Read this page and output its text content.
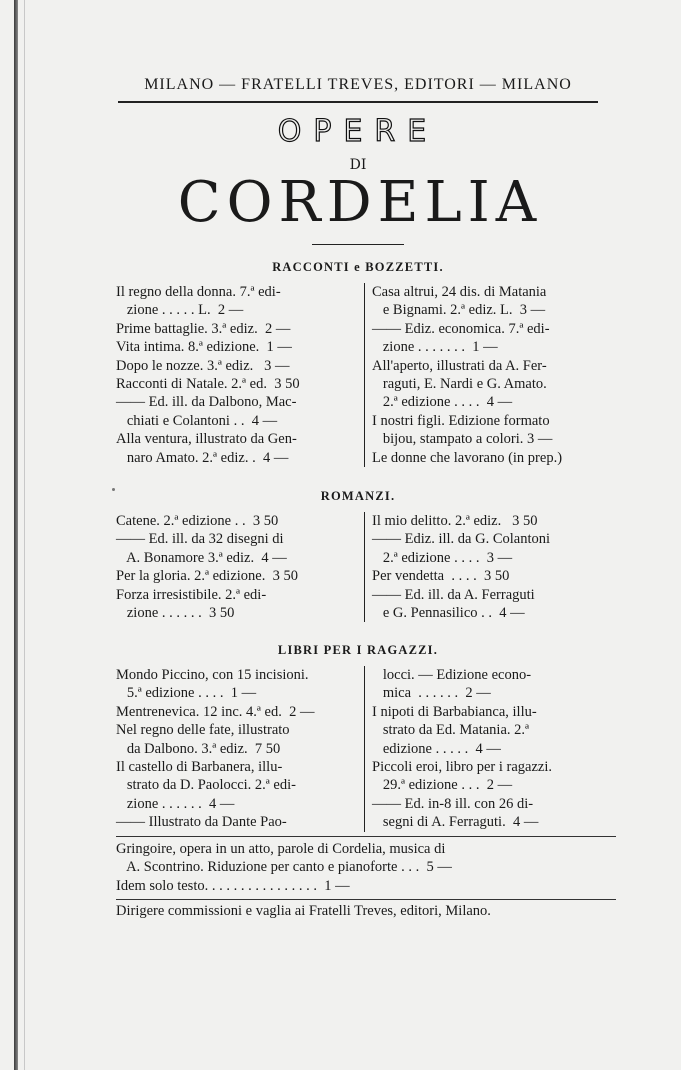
MILANO — FRATELLI TREVES, EDITORI — MILANO
OPERE
DI
CORDELIA
RACCONTI e BOZZETTI.
Il regno della donna. 7.ª edi-
zione . . . . . L.  2 —
Prime battaglie. 3.ª ediz.  2 —
Vita intima. 8.ª edizione.  1 —
Dopo le nozze. 3.ª ediz.   3 —
Racconti di Natale. 2.ª ed.  3 50
—— Ed. ill. da Dalbono, Mac-
chiati e Colantoni . .  4 —
Alla ventura, illustrato da Gen-
naro Amato. 2.ª ediz. .  4 —
Casa altrui, 24 dis. di Matania
e Bignami. 2.ª ediz. L.  3 —
—— Ediz. economica. 7.ª edi-
zione . . . . . . .  1 —
All'aperto, illustrati da A. Fer-
raguti, E. Nardi e G. Amato.
2.ª edizione . . . .  4 —
I nostri figli. Edizione formato
bijou, stampato a colori. 3 —
Le donne che lavorano (in prep.)
ROMANZI.
Catene. 2.ª edizione . .  3 50
—— Ed. ill. da 32 disegni di
A. Bonamore 3.ª ediz.  4 —
Per la gloria. 2.ª edizione.  3 50
Forza irresistibile. 2.ª edi-
zione . . . . . .  3 50
Il mio delitto. 2.ª ediz.   3 50
—— Ediz. ill. da G. Colantoni
2.ª edizione . . . .  3 —
Per vendetta  . . . .  3 50
—— Ed. ill. da A. Ferraguti
e G. Pennasilico . .  4 —
LIBRI PER I RAGAZZI.
Mondo Piccino, con 15 incisioni.
5.ª edizione . . . .  1 —
Mentrenevica. 12 inc. 4.ª ed.  2 —
Nel regno delle fate, illustrato
da Dalbono. 3.ª ediz.  7 50
Il castello di Barbanera, illu-
strato da D. Paolocci. 2.ª edi-
zione . . . . . .  4 —
—— Illustrato da Dante Pao-
locci. — Edizione econo-
mica  . . . . . .  2 —
I nipoti di Barbabianca, illu-
strato da Ed. Matania. 2.ª
edizione . . . . .  4 —
Piccoli eroi, libro per i ragazzi.
29.ª edizione . . .  2 —
—— Ed. in-8 ill. con 26 di-
segni di A. Ferraguti.  4 —
Gringoire, opera in un atto, parole di Cordelia, musica di
A. Scontrino. Riduzione per canto e pianoforte . . .  5 —
Idem solo testo. . . . . . . . . . . . . . . .  1 —
Dirigere commissioni e vaglia ai Fratelli Treves, editori, Milano.
